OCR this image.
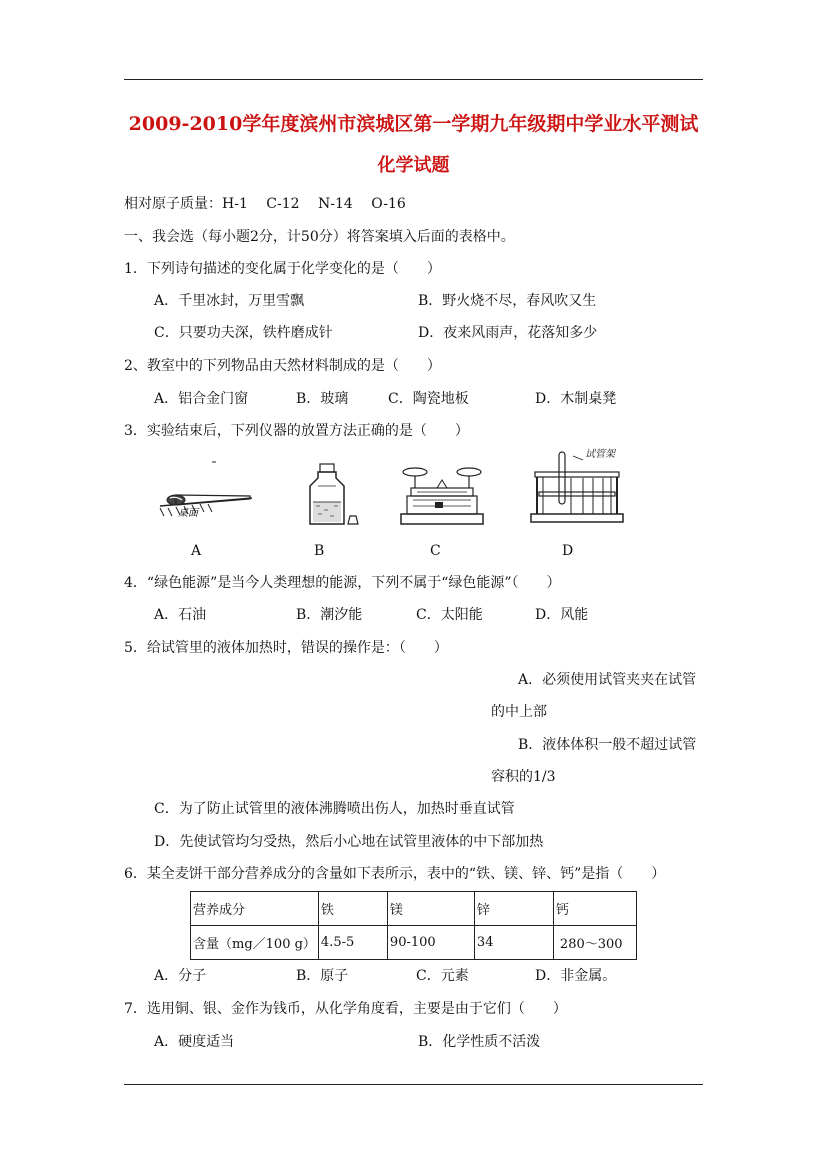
2009-2010学年度滨州市滨城区第一学期九年级期中学业水平测试
化学试题
相对原子质量：H-1 C-12 N-14 O-16
一、我会选（每小题2分，计50分）将答案填入后面的表格中。
1．下列诗句描述的变化属于化学变化的是（　　）
A．千里冰封，万里雪飘	B．野火烧不尽，春风吹又生
C．只要功夫深，铁杵磨成针	D．夜来风雨声，花落知多少
2、教室中的下列物品由天然材料制成的是（　　）
A．铝合金门窗	B．玻璃	C．陶瓷地板	D．木制桌凳
3．实验结束后，下列仪器的放置方法正确的是（　　）
桌面
试管架
A	B	C	D
4．“绿色能源”是当今人类理想的能源，下列不属于“绿色能源”（　　）
A．石油	B．潮汐能	C．太阳能	D．风能
5．给试管里的液体加热时，错误的操作是：（　　）
A．必须使用试管夹夹在试管
的中上部
B．液体体积一般不超过试管
容积的1/3
C．为了防止试管里的液体沸腾喷出伤人，加热时垂直试管
D．先使试管均匀受热，然后小心地在试管里液体的中下部加热
6．某全麦饼干部分营养成分的含量如下表所示，表中的“铁、镁、锌、钙”是指（　　）
营养成分	铁	镁	锌	钙
含量（mg／100 g）	4.5-5	90-100	34	280～300
A．分子	B．原子	C．元素	D．非金属。
7．选用铜、银、金作为钱币，从化学角度看，主要是由于它们（　　）
A．硬度适当	B．化学性质不活泼
